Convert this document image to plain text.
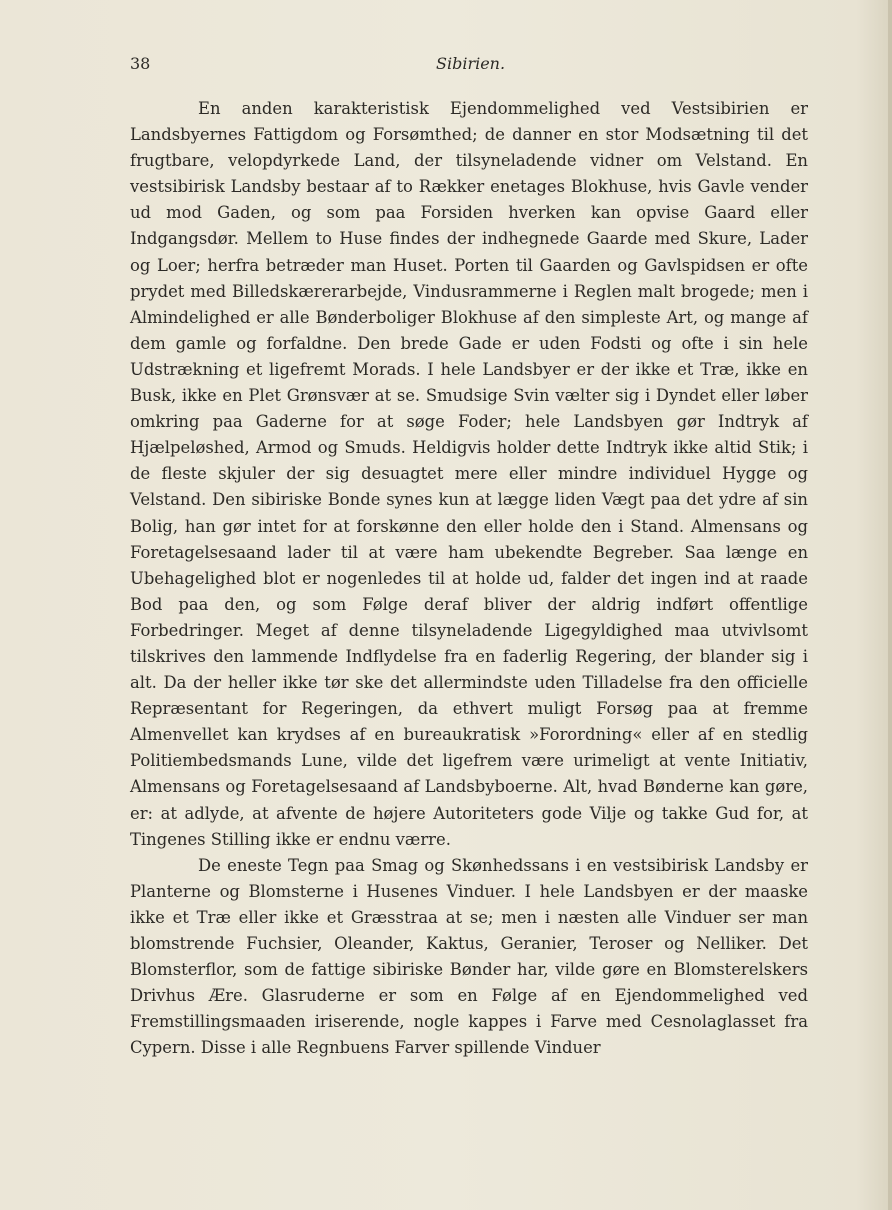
38	Sibirien.

En anden karakteristisk Ejendommelighed ved Vestsibirien er Landsbyernes Fattigdom og Forsømthed; de danner en stor Modsætning til det frugtbare, velopdyrkede Land, der tilsyneladende vidner om Velstand. En vestsibirisk Landsby bestaar af to Rækker enetages Blokhuse, hvis Gavle vender ud mod Gaden, og som paa Forsiden hverken kan opvise Gaard eller Indgangsdør. Mellem to Huse findes der indhegnede Gaarde med Skure, Lader og Loer; herfra betræder man Huset. Porten til Gaarden og Gavlspidsen er ofte prydet med Billedskærerarbejde, Vindusrammerne i Reglen malt brogede; men i Almindelighed er alle Bønderboliger Blokhuse af den simpleste Art, og mange af dem gamle og forfaldne. Den brede Gade er uden Fodsti og ofte i sin hele Udstrækning et ligefremt Morads. I hele Landsbyer er der ikke et Træ, ikke en Busk, ikke en Plet Grønsvær at se. Smudsige Svin vælter sig i Dyndet eller løber omkring paa Gaderne for at søge Foder; hele Landsbyen gør Indtryk af Hjælpeløshed, Armod og Smuds. Heldigvis holder dette Indtryk ikke altid Stik; i de fleste skjuler der sig desuagtet mere eller mindre individuel Hygge og Velstand. Den sibiriske Bonde synes kun at lægge liden Vægt paa det ydre af sin Bolig, han gør intet for at forskønne den eller holde den i Stand. Almensans og Foretagelsesaand lader til at være ham ubekendte Begreber. Saa længe en Ubehagelighed blot er nogenledes til at holde ud, falder det ingen ind at raade Bod paa den, og som Følge deraf bliver der aldrig indført offentlige Forbedringer. Meget af denne tilsyneladende Ligegyldighed maa utvivlsomt tilskrives den lammende Indflydelse fra en faderlig Regering, der blander sig i alt. Da der heller ikke tør ske det allermindste uden Tilladelse fra den officielle Repræsentant for Regeringen, da ethvert muligt Forsøg paa at fremme Almenvellet kan krydses af en bureaukratisk »Forordning« eller af en stedlig Politiembedsmands Lune, vilde det ligefrem være urimeligt at vente Initiativ, Almensans og Foretagelsesaand af Landsbyboerne. Alt, hvad Bønderne kan gøre, er: at adlyde, at afvente de højere Autoriteters gode Vilje og takke Gud for, at Tingenes Stilling ikke er endnu værre.

De eneste Tegn paa Smag og Skønhedssans i en vestsibirisk Landsby er Planterne og Blomsterne i Husenes Vinduer. I hele Landsbyen er der maaske ikke et Træ eller ikke et Græsstraa at se; men i næsten alle Vinduer ser man blomstrende Fuchsier, Oleander, Kaktus, Geranier, Teroser og Nelliker. Det Blomsterflor, som de fattige sibiriske Bønder har, vilde gøre en Blomsterelskers Drivhus Ære. Glasruderne er som en Følge af en Ejendommelighed ved Fremstillingsmaaden iriserende, nogle kappes i Farve med Cesnolaglasset fra Cypern. Disse i alle Regnbuens Farver spillende Vinduer
